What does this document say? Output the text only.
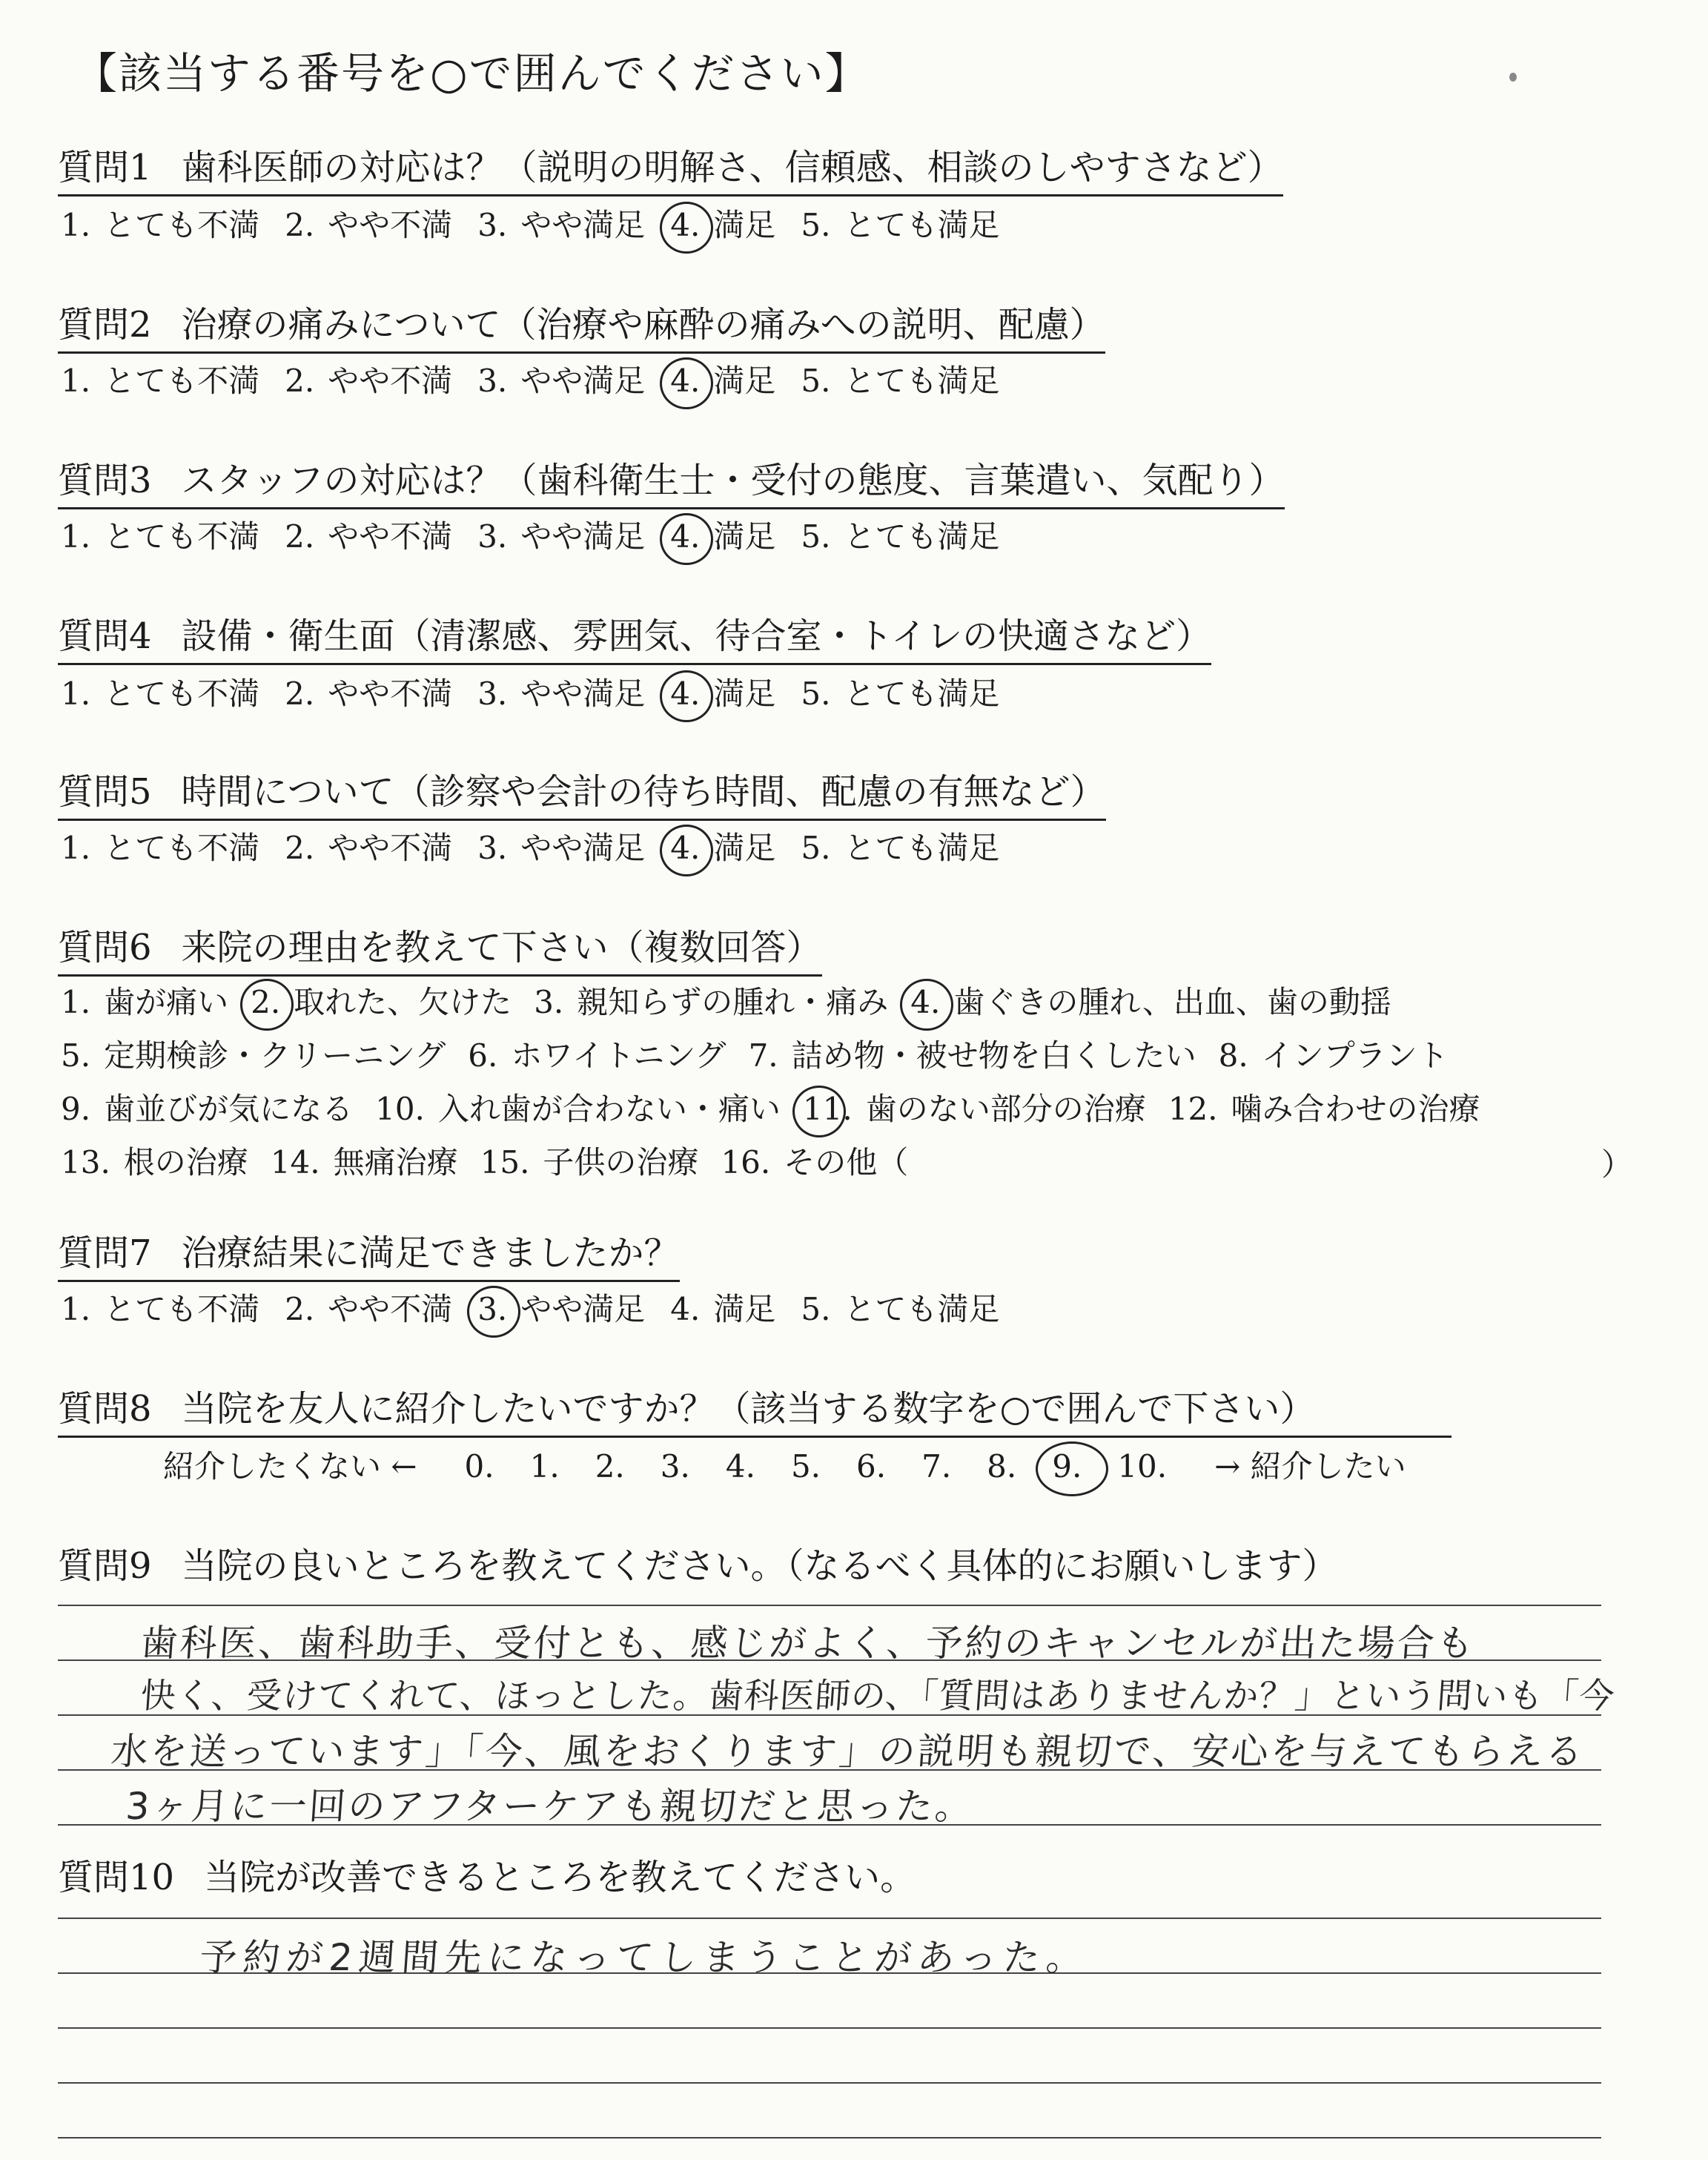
【該当する番号を○で囲んでください】
質問1 歯科医師の対応は？（説明の明解さ、信頼感、相談のしやすさなど）
1. とても不満 2. やや不満 3. やや満足 4. 満足 5. とても満足
質問2 治療の痛みについて（治療や麻酔の痛みへの説明、配慮）
1. とても不満 2. やや不満 3. やや満足 4. 満足 5. とても満足
質問3 スタッフの対応は？（歯科衛生士・受付の態度、言葉遣い、気配り）
1. とても不満 2. やや不満 3. やや満足 4. 満足 5. とても満足
質問4 設備・衛生面（清潔感、雰囲気、待合室・トイレの快適さなど）
1. とても不満 2. やや不満 3. やや満足 4. 満足 5. とても満足
質問5 時間について（診察や会計の待ち時間、配慮の有無など）
1. とても不満 2. やや不満 3. やや満足 4. 満足 5. とても満足
質問6 来院の理由を教えて下さい（複数回答）
1. 歯が痛い 2. 取れた、欠けた 3. 親知らずの腫れ・痛み 4. 歯ぐきの腫れ、出血、歯の動揺
5. 定期検診・クリーニング 6. ホワイトニング 7. 詰め物・被せ物を白くしたい 8. インプラント
9. 歯並びが気になる 10. 入れ歯が合わない・痛い 11. 歯のない部分の治療 12. 噛み合わせの治療
13. 根の治療 14. 無痛治療 15. 子供の治療 16. その他（	）
質問7 治療結果に満足できましたか？
1. とても不満 2. やや不満 3. やや満足 4. 満足 5. とても満足
質問8 当院を友人に紹介したいですか？（該当する数字を○で囲んで下さい）
紹介したくない ← 0. 1. 2. 3. 4. 5. 6. 7. 8. 9. 10. → 紹介したい
質問9 当院の良いところを教えてください。（なるべく具体的にお願いします）
歯科医、歯科助手、受付とも、感じがよく、予約のキャンセルが出た場合も
快く、受けてくれて、ほっとした。歯科医師の、「質問はありませんか？」という問いも「今
水を送っています」「今、風をおくります」の説明も親切で、安心を与えてもらえる
3ヶ月に一回のアフターケアも親切だと思った。
質問10 当院が改善できるところを教えてください。
予約が2週間先になってしまうことがあった。
